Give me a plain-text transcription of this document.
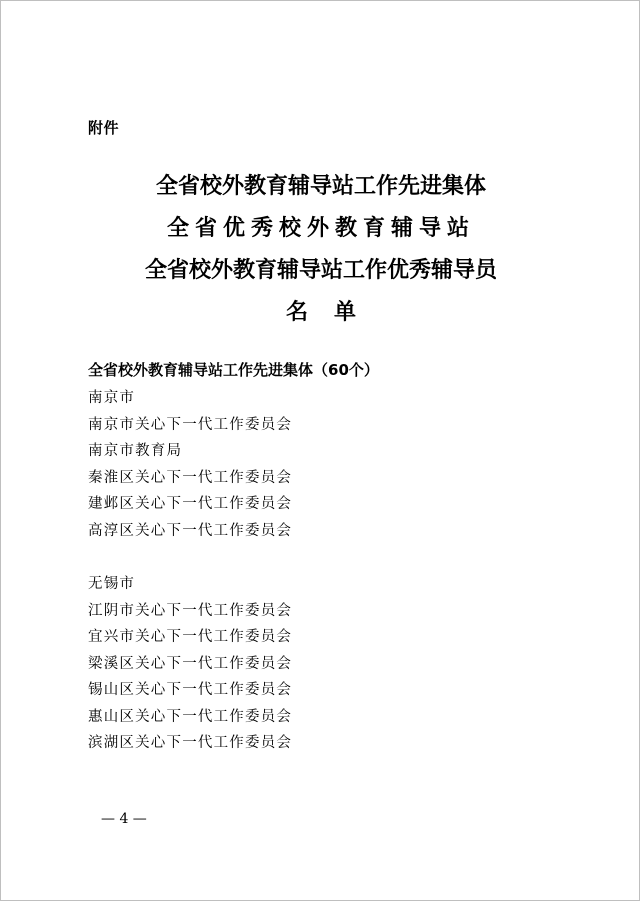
附件
全省校外教育辅导站工作先进集体
全省优秀校外教育辅导站
全省校外教育辅导站工作优秀辅导员
名单
全省校外教育辅导站工作先进集体（60个）
南京市
南京市关心下一代工作委员会
南京市教育局
秦淮区关心下一代工作委员会
建邺区关心下一代工作委员会
高淳区关心下一代工作委员会
无锡市
江阴市关心下一代工作委员会
宜兴市关心下一代工作委员会
梁溪区关心下一代工作委员会
锡山区关心下一代工作委员会
惠山区关心下一代工作委员会
滨湖区关心下一代工作委员会
— 4 —
